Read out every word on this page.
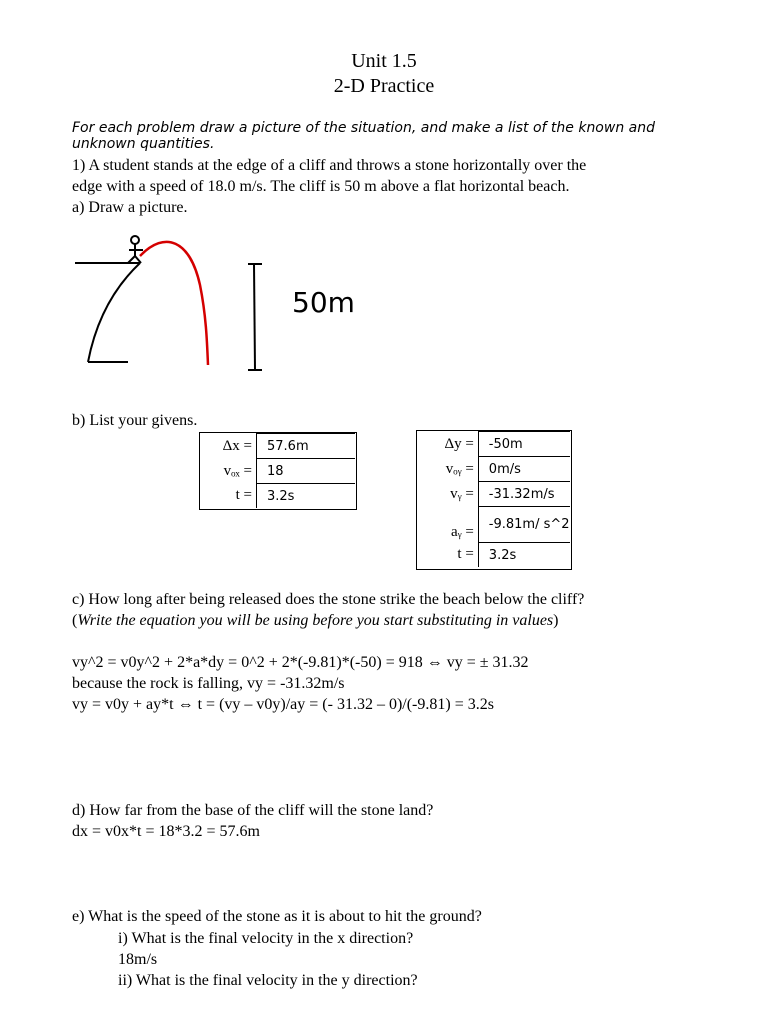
Unit 1.5
2-D Practice
For each problem draw a picture of the situation, and make a list of the known and unknown quantities.
1) A student stands at the edge of a cliff and throws a stone horizontally over the
edge with a speed of 18.0 m/s. The cliff is 50 m above a flat horizontal beach.
a) Draw a picture.
50m
b) List your givens.
Δx =	57.6m
vₒₓ =	18
t =	3.2s
Δy =	-50m
vₒᵧ =	0m/s
vᵧ =	-31.32m/s
aᵧ =	-9.81m/ s^2
t =	3.2s
c) How long after being released does the stone strike the beach below the cliff?
(Write the equation you will be using before you start substituting in values)
vy^2 = v0y^2 + 2*a*dy = 0^2 + 2*(-9.81)*(-50) = 918 ⇔ vy = ± 31.32
because the rock is falling, vy = -31.32m/s
vy = v0y + ay*t ⇔ t = (vy – v0y)/ay = (- 31.32 – 0)/(-9.81) = 3.2s
d) How far from the base of the cliff will the stone land?
dx = v0x*t = 18*3.2 = 57.6m
e) What is the speed of the stone as it is about to hit the ground?
i) What is the final velocity in the x direction?
18m/s
ii) What is the final velocity in the y direction?
